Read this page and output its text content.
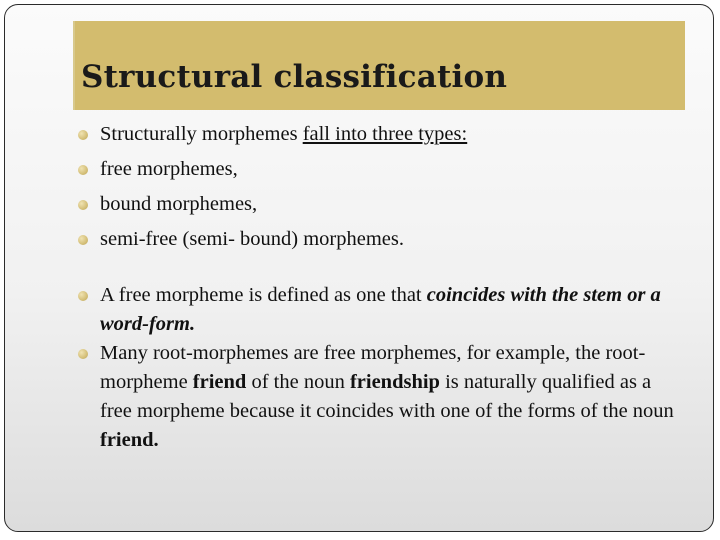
Structural classification
Structurally morphemes fall into three types:
free morphemes,
bound morphemes,
semi-free (semi- bound) morphemes.
A free morpheme is defined as one that coincides with the stem or a word-form.
Many root-morphemes are free morphemes, for example, the root-morpheme friend of the noun friendship is naturally qualified as a free morpheme because it coincides with one of the forms of the noun friend.
